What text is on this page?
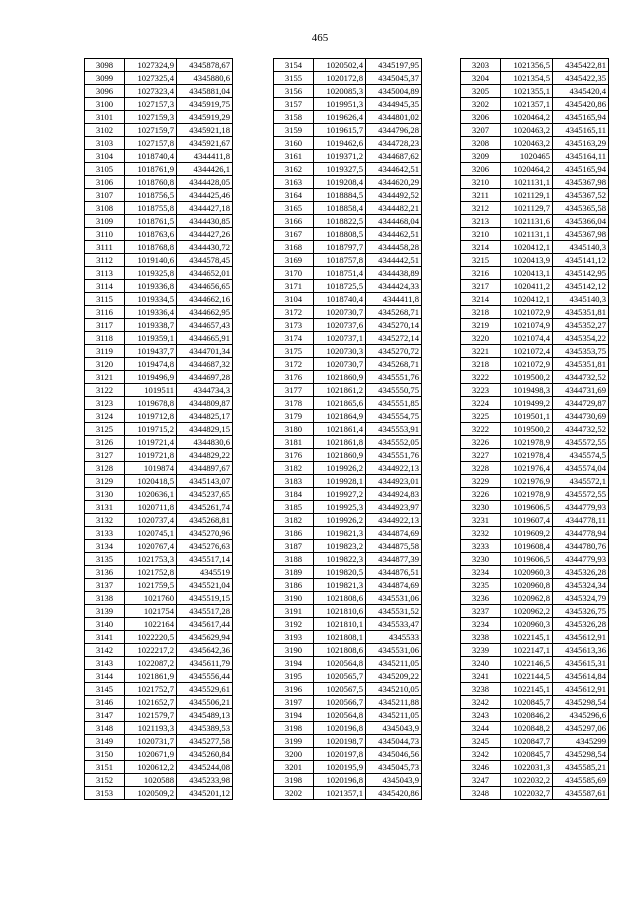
465
3098	1027324,9	4345878,67
3099	1027325,4	4345880,6
3096	1027323,4	4345881,04
3100	1027157,3	4345919,75
3101	1027159,3	4345919,29
3102	1027159,7	4345921,18
3103	1027157,8	4345921,67
3104	1018740,4	4344411,8
3105	1018761,9	4344426,1
3106	1018760,8	4344428,05
3107	1018756,5	4344425,46
3108	1018755,8	4344427,18
3109	1018761,5	4344430,85
3110	1018763,6	4344427,26
3111	1018768,8	4344430,72
3112	1019140,6	4344578,45
3113	1019325,8	4344652,01
3114	1019336,8	4344656,65
3115	1019334,5	4344662,16
3116	1019336,4	4344662,95
3117	1019338,7	4344657,43
3118	1019359,1	4344665,91
3119	1019437,7	4344701,34
3120	1019474,8	4344687,32
3121	1019496,9	4344697,28
3122	1019511	4344734,3
3123	1019678,8	4344809,87
3124	1019712,8	4344825,17
3125	1019715,2	4344829,15
3126	1019721,4	4344830,6
3127	1019721,8	4344829,22
3128	1019874	4344897,67
3129	1020418,5	4345143,07
3130	1020636,1	4345237,65
3131	1020711,8	4345261,74
3132	1020737,4	4345268,81
3133	1020745,1	4345270,96
3134	1020767,4	4345276,63
3135	1021753,3	4345517,14
3136	1021752,8	4345519
3137	1021759,5	4345521,04
3138	1021760	4345519,15
3139	1021754	4345517,28
3140	1022164	4345617,44
3141	1022220,5	4345629,94
3142	1022217,2	4345642,36
3143	1022087,2	4345611,79
3144	1021861,9	4345556,44
3145	1021752,7	4345529,61
3146	1021652,7	4345506,21
3147	1021579,7	4345489,13
3148	1021193,3	4345389,53
3149	1020731,7	4345277,58
3150	1020671,9	4345260,84
3151	1020612,2	4345244,08
3152	1020588	4345233,98
3153	1020509,2	4345201,12
3154	1020502,4	4345197,95
3155	1020172,8	4345045,37
3156	1020085,3	4345004,89
3157	1019951,3	4344945,35
3158	1019626,4	4344801,02
3159	1019615,7	4344796,28
3160	1019462,6	4344728,23
3161	1019371,2	4344687,62
3162	1019327,5	4344642,51
3163	1019208,4	4344620,29
3164	1018884,5	4344492,52
3165	1018858,4	4344482,21
3166	1018822,5	4344468,04
3167	1018808,5	4344462,51
3168	1018797,7	4344458,28
3169	1018757,8	4344442,51
3170	1018751,4	4344438,89
3171	1018725,5	4344424,33
3104	1018740,4	4344411,8
3172	1020730,7	4345268,71
3173	1020737,6	4345270,14
3174	1020737,1	4345272,14
3175	1020730,3	4345270,72
3172	1020730,7	4345268,71
3176	1021860,9	4345551,76
3177	1021861,2	4345550,75
3178	1021865,6	4345551,85
3179	1021864,9	4345554,75
3180	1021861,4	4345553,91
3181	1021861,8	4345552,05
3176	1021860,9	4345551,76
3182	1019926,2	4344922,13
3183	1019928,1	4344923,01
3184	1019927,2	4344924,83
3185	1019925,3	4344923,97
3182	1019926,2	4344922,13
3186	1019821,3	4344874,69
3187	1019823,2	4344875,58
3188	1019822,3	4344877,39
3189	1019820,5	4344876,51
3186	1019821,3	4344874,69
3190	1021808,6	4345531,06
3191	1021810,6	4345531,52
3192	1021810,1	4345533,47
3193	1021808,1	4345533
3190	1021808,6	4345531,06
3194	1020564,8	4345211,05
3195	1020565,7	4345209,22
3196	1020567,5	4345210,05
3197	1020566,7	4345211,88
3194	1020564,8	4345211,05
3198	1020196,8	4345043,9
3199	1020198,7	4345044,73
3200	1020197,8	4345046,56
3201	1020195,9	4345045,73
3198	1020196,8	4345043,9
3202	1021357,1	4345420,86
3203	1021356,5	4345422,81
3204	1021354,5	4345422,35
3205	1021355,1	4345420,4
3202	1021357,1	4345420,86
3206	1020464,2	4345165,94
3207	1020463,2	4345165,11
3208	1020463,2	4345163,29
3209	1020465	4345164,11
3206	1020464,2	4345165,94
3210	1021131,1	4345367,98
3211	1021129,1	4345367,52
3212	1021129,7	4345365,58
3213	1021131,6	4345366,04
3210	1021131,1	4345367,98
3214	1020412,1	4345140,3
3215	1020413,9	4345141,12
3216	1020413,1	4345142,95
3217	1020411,2	4345142,12
3214	1020412,1	4345140,3
3218	1021072,9	4345351,81
3219	1021074,9	4345352,27
3220	1021074,4	4345354,22
3221	1021072,4	4345353,75
3218	1021072,9	4345351,81
3222	1019500,2	4344732,52
3223	1019498,3	4344731,69
3224	1019499,2	4344729,87
3225	1019501,1	4344730,69
3222	1019500,2	4344732,52
3226	1021978,9	4345572,55
3227	1021978,4	4345574,5
3228	1021976,4	4345574,04
3229	1021976,9	4345572,1
3226	1021978,9	4345572,55
3230	1019606,5	4344779,93
3231	1019607,4	4344778,11
3232	1019609,2	4344778,94
3233	1019608,4	4344780,76
3230	1019606,5	4344779,93
3234	1020960,3	4345326,28
3235	1020960,8	4345324,34
3236	1020962,8	4345324,79
3237	1020962,2	4345326,75
3234	1020960,3	4345326,28
3238	1022145,1	4345612,91
3239	1022147,1	4345613,36
3240	1022146,5	4345615,31
3241	1022144,5	4345614,84
3238	1022145,1	4345612,91
3242	1020845,7	4345298,54
3243	1020846,2	4345296,6
3244	1020848,2	4345297,06
3245	1020847,7	4345299
3242	1020845,7	4345298,54
3246	1022031,3	4345585,21
3247	1022032,2	4345585,69
3248	1022032,7	4345587,61
